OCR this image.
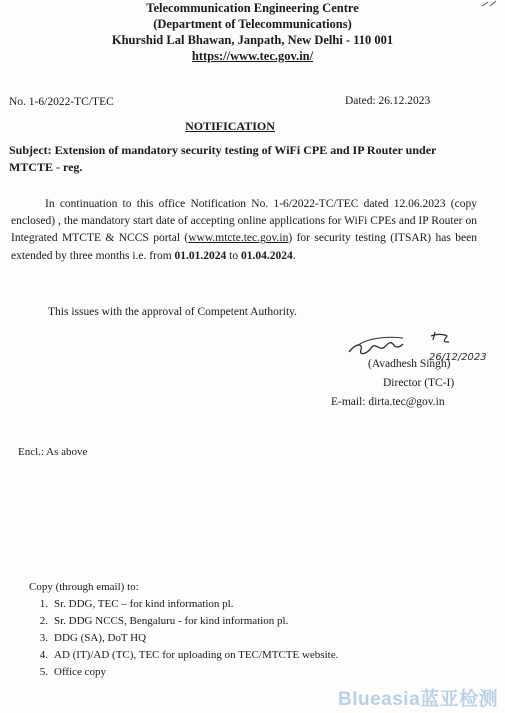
Telecommunication Engineering Centre
(Department of Telecommunications)
Khurshid Lal Bhawan, Janpath, New Delhi - 110 001
https://www.tec.gov.in/
No. 1-6/2022-TC/TEC	Dated: 26.12.2023
NOTIFICATION
Subject: Extension of mandatory security testing of WiFi CPE and IP Router under MTCTE - reg.
In continuation to this office Notification No. 1-6/2022-TC/TEC dated 12.06.2023 (copy enclosed) , the mandatory start date of accepting online applications for WiFi CPEs and IP Router on Integrated MTCTE & NCCS portal (www.mtcte.tec.gov.in) for security testing (ITSAR) has been extended by three months i.e. from 01.01.2024 to 01.04.2024.
This issues with the approval of Competent Authority.
26/12/2023
(Avadhesh Singh)
Director (TC-I)
E-mail: dirta.tec@gov.in
Encl.: As above
Copy (through email) to:
1. Sr. DDG, TEC – for kind information pl.
2. Sr. DDG NCCS, Bengaluru - for kind information pl.
3. DDG (SA), DoT HQ
4. AD (IT)/AD (TC), TEC for uploading on TEC/MTCTE website.
5. Office copy
Blueasia蓝亚检测
